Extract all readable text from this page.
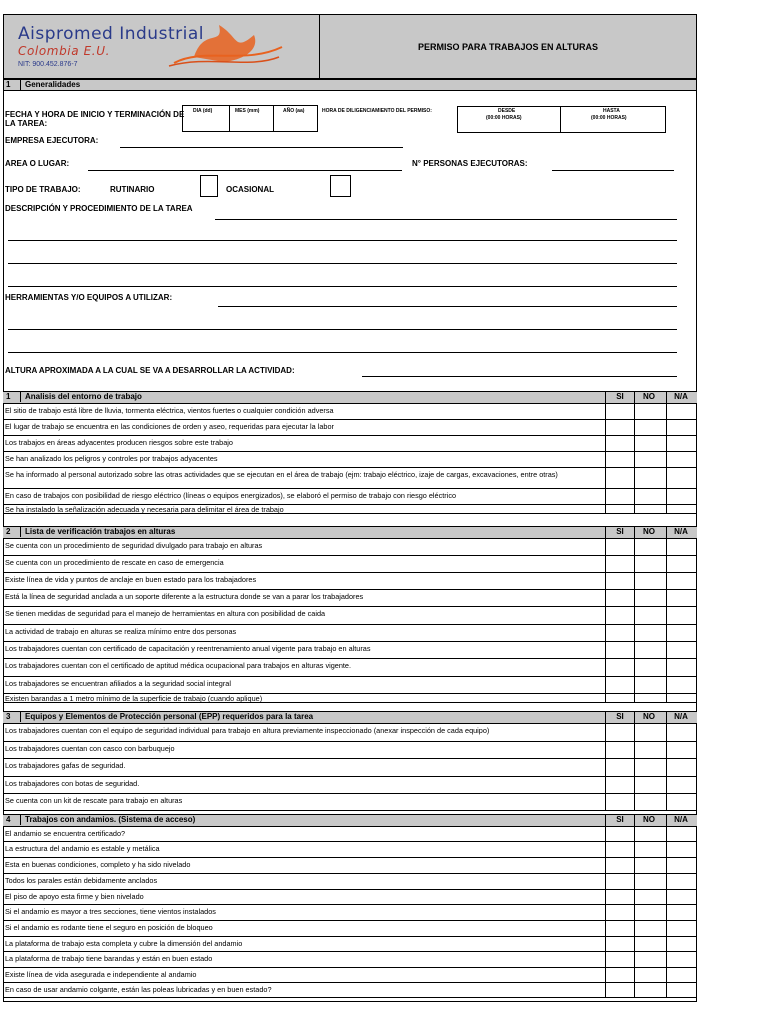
Aispromed Industrial
Colombia E.U.
NIT: 900.452.876-7
PERMISO PARA TRABAJOS EN ALTURAS
1 Generalidades
FECHA Y HORA DE INICIO Y TERMINACIÓN DE LA TAREA:
DIA (dd)	MES (mm)	AÑO (aa)	HORA DE DILIGENCIAMIENTO DEL PERMISO:	DESDE
(00:00 HORAS)
HASTA
(00:00 HORAS)
EMPRESA EJECUTORA:
AREA O LUGAR:	N° PERSONAS EJECUTORAS:
TIPO DE TRABAJO:	RUTINARIO	OCASIONAL
DESCRIPCIÓN Y PROCEDIMIENTO DE LA TAREA
HERRAMIENTAS Y/O EQUIPOS A UTILIZAR:
ALTURA APROXIMADA A LA CUAL SE VA A DESARROLLAR LA ACTIVIDAD:
1 Analisis del entorno de trabajo	SI	NO	N/A
El sitio de trabajo está libre de lluvia, tormenta eléctrica, vientos fuertes o cualquier condición adversa
El lugar de trabajo se encuentra en las condiciones de orden y aseo, requeridas para ejecutar la labor
Los trabajos en áreas adyacentes producen riesgos sobre este trabajo
Se han analizado los peligros y controles por trabajos adyacentes
Se ha informado al personal autorizado sobre las otras actividades que se ejecutan en el área de trabajo (ejm: trabajo eléctrico, izaje de cargas, excavaciones, entre otras)
En caso de trabajos con posibilidad de riesgo eléctrico (líneas o equipos energizados), se elaboró el permiso de trabajo con riesgo eléctrico
Se ha instalado la señalización adecuada y necesaria para delimitar el área de trabajo
2 Lista de verificación trabajos en alturas	SI	NO	N/A
Se cuenta con un procedimiento de seguridad divulgado para trabajo en alturas
Se cuenta con un procedimiento de rescate en caso de emergencia
Existe línea de vida y puntos de anclaje en buen estado para los trabajadores
Está la línea de seguridad anclada a un soporte diferente a la estructura donde se van a parar los trabajadores
Se tienen medidas de seguridad para el manejo de herramientas en altura con posibilidad de caida
La actividad de trabajo en alturas se realiza mínimo entre dos personas
Los trabajadores cuentan con certificado de capacitación y reentrenamiento anual vigente para trabajo en alturas
Los trabajadores cuentan con el certificado de aptitud médica ocupacional para trabajos en alturas vigente.
Los trabajadores se encuentran afiliados a la seguridad social integral
Existen barandas a 1 metro mínimo de la superficie de trabajo (cuando aplique)
3 Equipos y Elementos de Protección personal (EPP) requeridos para la tarea	SI	NO	N/A
Los trabajadores cuentan con el equipo de seguridad individual para trabajo en altura previamente inspeccionado (anexar inspección de cada equipo)
Los trabajadores cuentan con casco con barbuquejo
Los trabajadores gafas de seguridad.
Los trabajadores con botas de seguridad.
Se cuenta con un kit de rescate para trabajo en alturas
4 Trabajos con andamios. (Sistema de acceso)	SI	NO	N/A
El andamio se encuentra certificado?
La estructura del andamio es estable y metálica
Esta en buenas condiciones, completo y ha sido nivelado
Todos los parales están debidamente anclados
El piso de apoyo esta firme y bien nivelado
Si el andamio es mayor a tres secciones, tiene vientos instalados
Si el andamio es rodante tiene el seguro en posición de bloqueo
La plataforma de trabajo esta completa y cubre la dimensión del andamio
La plataforma de trabajo tiene barandas y están en buen estado
Existe línea de vida asegurada e independiente al andamio
En caso de usar andamio colgante, están las poleas lubricadas y en buen estado?
